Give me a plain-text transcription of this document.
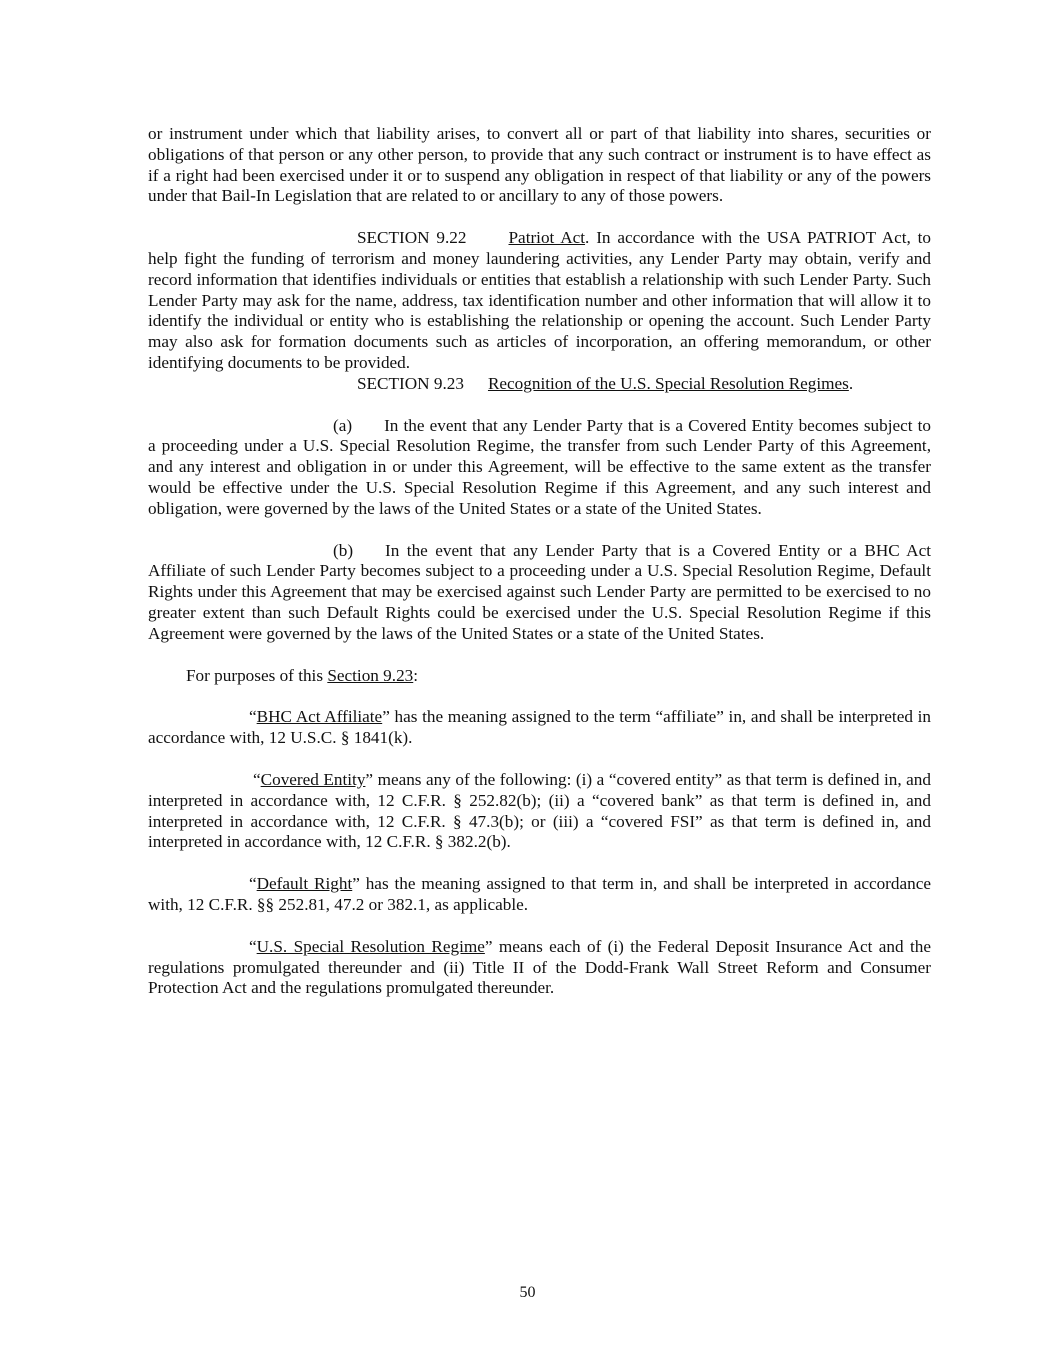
or instrument under which that liability arises, to convert all or part of that liability into shares, securities or obligations of that person or any other person, to provide that any such contract or instrument is to have effect as if a right had been exercised under it or to suspend any obligation in respect of that liability or any of the powers under that Bail-In Legislation that are related to or ancillary to any of those powers.

SECTION 9.22 Patriot Act. In accordance with the USA PATRIOT Act, to help fight the funding of terrorism and money laundering activities, any Lender Party may obtain, verify and record information that identifies individuals or entities that establish a relationship with such Lender Party. Such Lender Party may ask for the name, address, tax identification number and other information that will allow it to identify the individual or entity who is establishing the relationship or opening the account. Such Lender Party may also ask for formation documents such as articles of incorporation, an offering memorandum, or other identifying documents to be provided.

SECTION 9.23 Recognition of the U.S. Special Resolution Regimes.

(a) In the event that any Lender Party that is a Covered Entity becomes subject to a proceeding under a U.S. Special Resolution Regime, the transfer from such Lender Party of this Agreement, and any interest and obligation in or under this Agreement, will be effective to the same extent as the transfer would be effective under the U.S. Special Resolution Regime if this Agreement, and any such interest and obligation, were governed by the laws of the United States or a state of the United States.

(b) In the event that any Lender Party that is a Covered Entity or a BHC Act Affiliate of such Lender Party becomes subject to a proceeding under a U.S. Special Resolution Regime, Default Rights under this Agreement that may be exercised against such Lender Party are permitted to be exercised to no greater extent than such Default Rights could be exercised under the U.S. Special Resolution Regime if this Agreement were governed by the laws of the United States or a state of the United States.

For purposes of this Section 9.23:

“BHC Act Affiliate” has the meaning assigned to the term “affiliate” in, and shall be interpreted in accordance with, 12 U.S.C. § 1841(k).

“Covered Entity” means any of the following: (i) a “covered entity” as that term is defined in, and interpreted in accordance with, 12 C.F.R. § 252.82(b); (ii) a “covered bank” as that term is defined in, and interpreted in accordance with, 12 C.F.R. § 47.3(b); or (iii) a “covered FSI” as that term is defined in, and interpreted in accordance with, 12 C.F.R. § 382.2(b).

“Default Right” has the meaning assigned to that term in, and shall be interpreted in accordance with, 12 C.F.R. §§ 252.81, 47.2 or 382.1, as applicable.

“U.S. Special Resolution Regime” means each of (i) the Federal Deposit Insurance Act and the regulations promulgated thereunder and (ii) Title II of the Dodd-Frank Wall Street Reform and Consumer Protection Act and the regulations promulgated thereunder.

50
